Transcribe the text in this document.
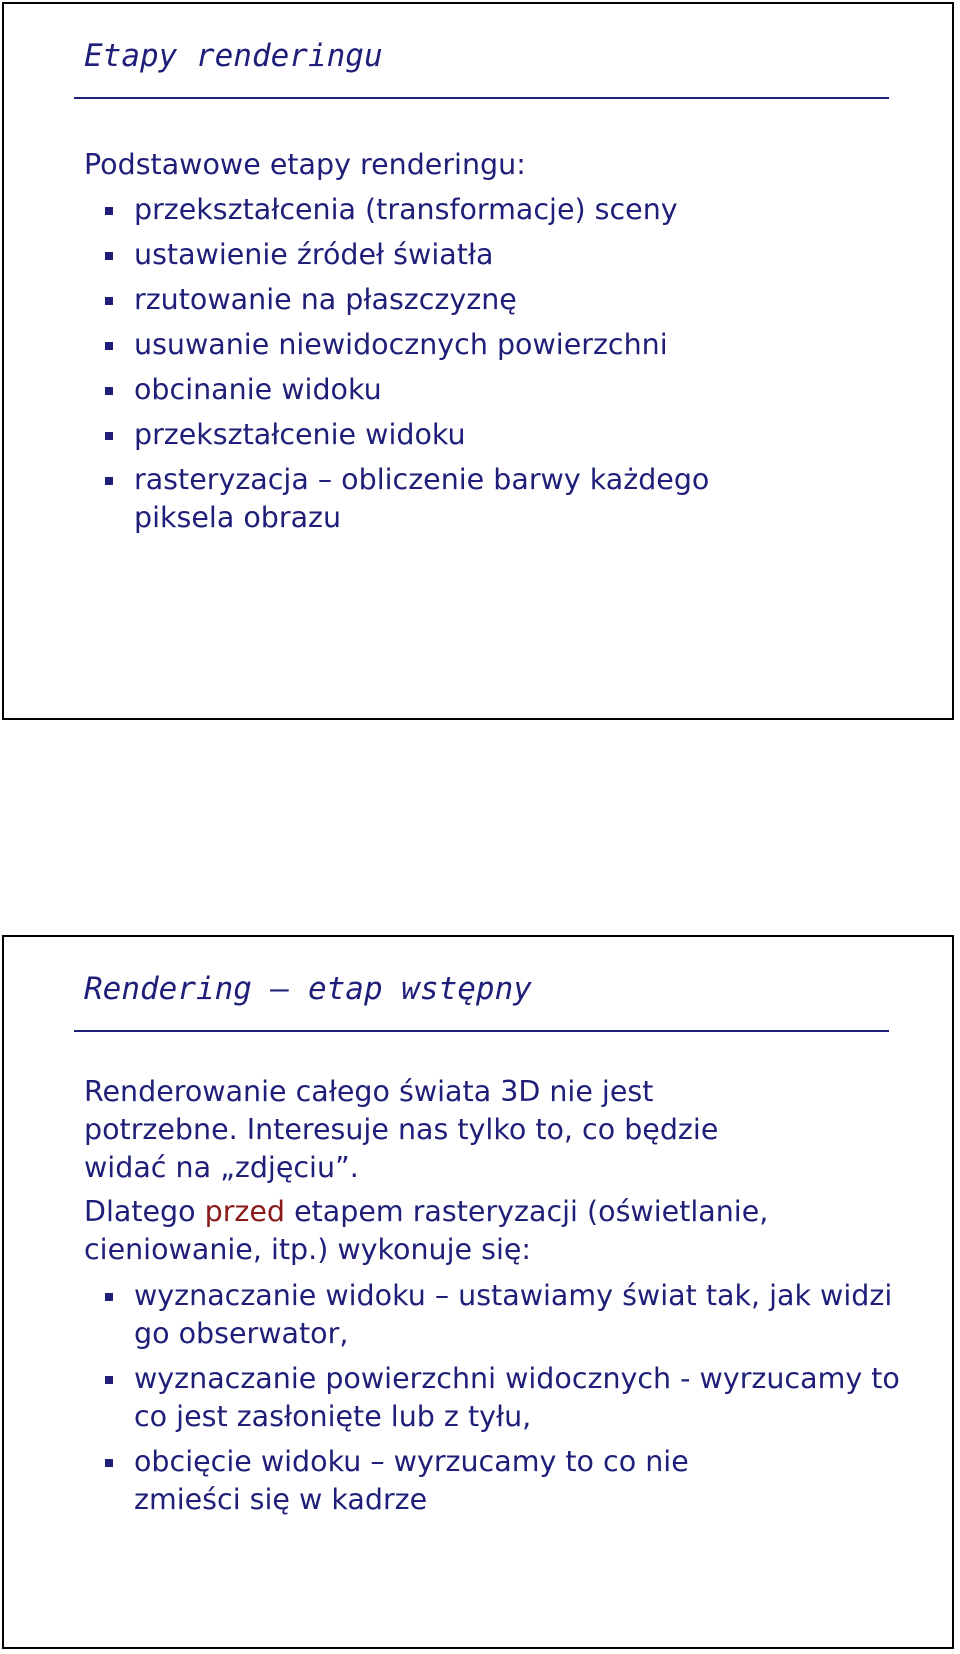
Etapy renderingu

Podstawowe etapy renderingu:

przekształcenia (transformacje) sceny
ustawienie źródeł światła
rzutowanie na płaszczyznę
usuwanie niewidocznych powierzchni
obcinanie widoku
przekształcenie widoku
rasteryzacja – obliczenie barwy każdego piksela obrazu
Rendering – etap wstępny

Renderowanie całego świata 3D nie jest potrzebne. Interesuje nas tylko to, co będzie widać na „zdjęciu”.

Dlatego przed etapem rasteryzacji (oświetlanie, cieniowanie, itp.) wykonuje się:

wyznaczanie widoku – ustawiamy świat tak, jak widzi go obserwator,
wyznaczanie powierzchni widocznych - wyrzucamy to co jest zasłonięte lub z tyłu,
obcięcie widoku – wyrzucamy to co nie zmieści się w kadrze
